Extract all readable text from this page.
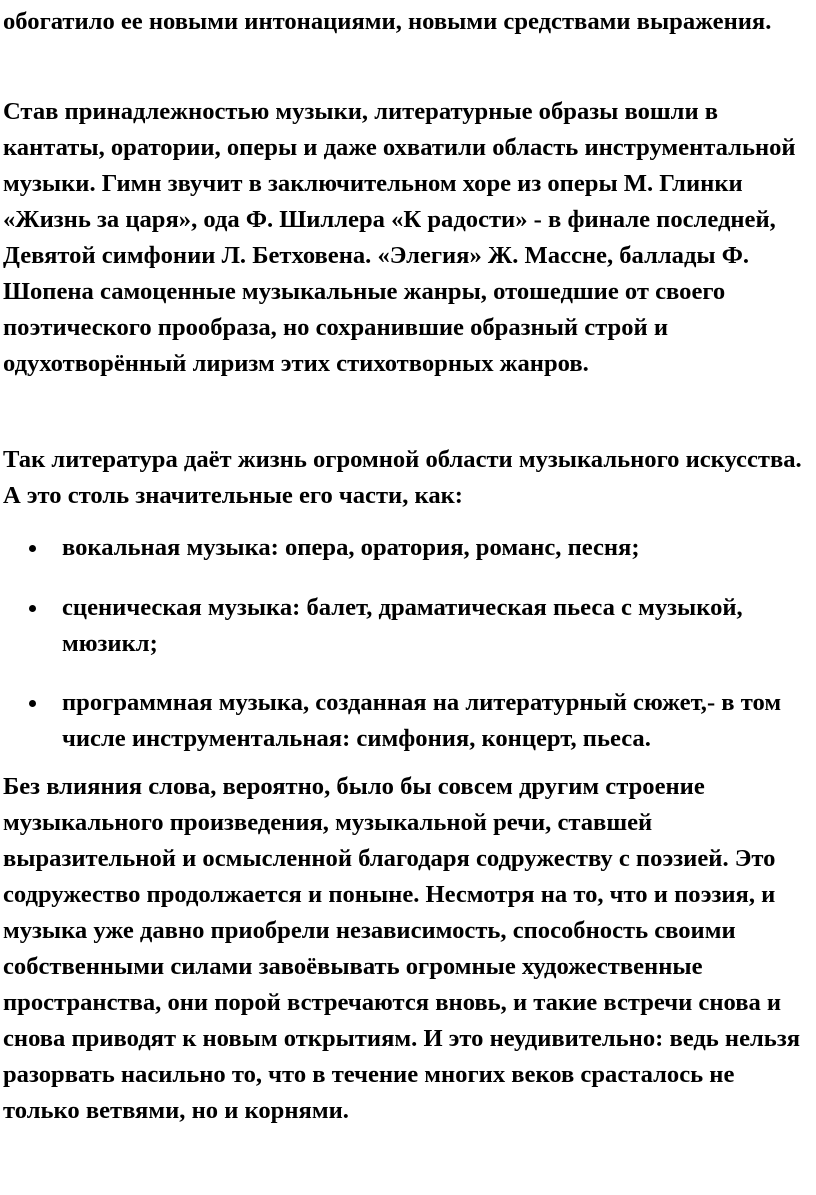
обогатило ее новыми интонациями, новыми средствами выражения.

Став принадлежностью музыки, литературные образы вошли в кантаты, оратории, оперы и даже охватили область инструментальной музыки. Гимн звучит в заключительном хоре из оперы М. Глинки «Жизнь за царя», ода Ф. Шиллера «К радости» - в финале последней, Девятой симфонии Л. Бетховена. «Элегия» Ж. Массне, баллады Ф. Шопена самоценные музыкальные жанры, отошедшие от своего поэтического прообраза, но сохранившие образный строй и одухотворённый лиризм этих стихотворных жанров.

Так литература даёт жизнь огромной области музыкального искусства. А это столь значительные его части, как:

вокальная музыка: опера, оратория, романс, песня;
сценическая музыка: балет, драматическая пьеса с музыкой, мюзикл;
программная музыка, созданная на литературный сюжет,- в том числе инструментальная: симфония, концерт, пьеса.

Без влияния слова, вероятно, было бы совсем другим строение музыкального произведения, музыкальной речи, ставшей выразительной и осмысленной благодаря содружеству с поэзией. Это содружество продолжается и поныне. Несмотря на то, что и поэзия, и музыка уже давно приобрели независимость, способность своими собственными силами завоёвывать огромные художественные пространства, они порой встречаются вновь, и такие встречи снова и снова приводят к новым открытиям. И это неудивительно: ведь нельзя разорвать насильно то, что в течение многих веков срасталось не только ветвями, но и корнями.
